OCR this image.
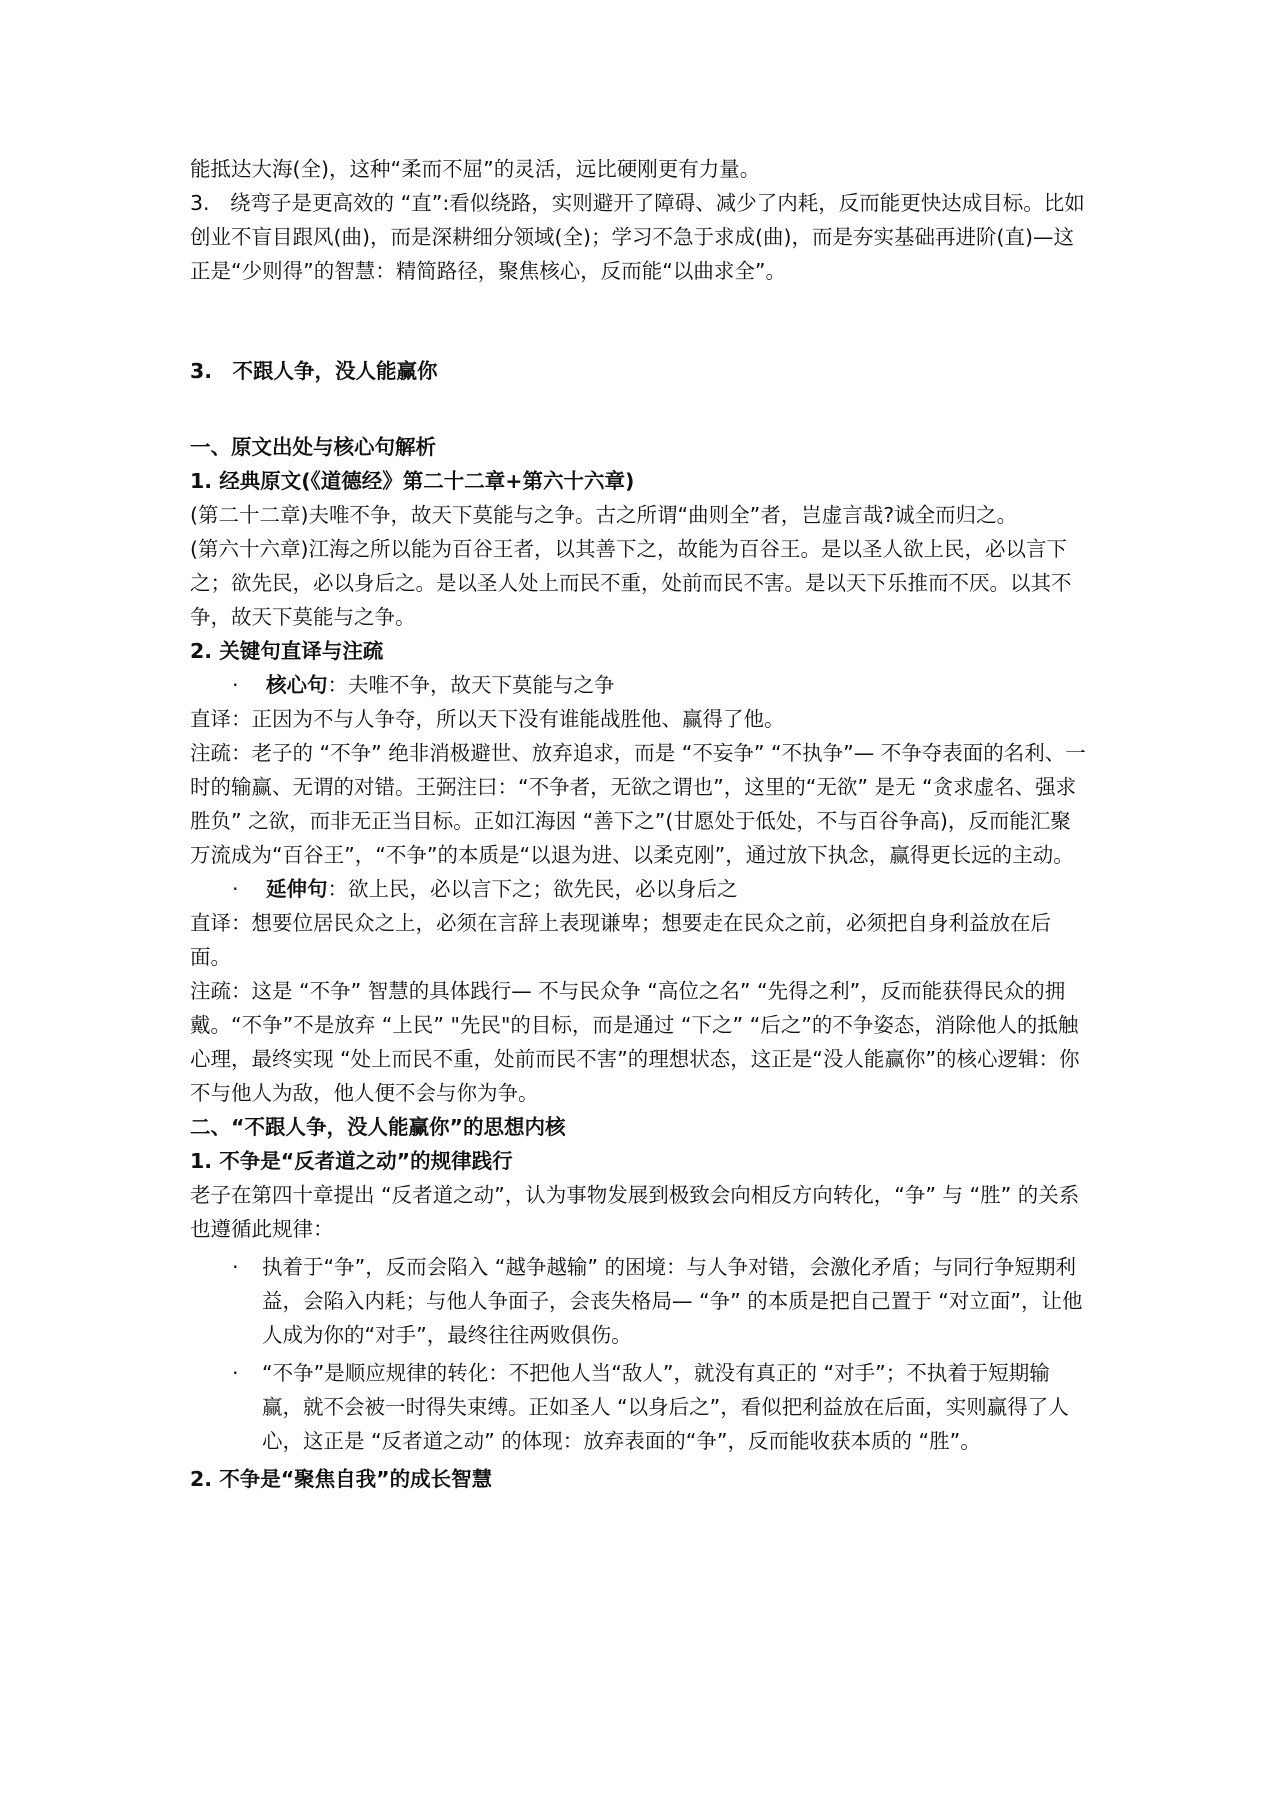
能抵达大海(全)，这种“柔而不屈”的灵活，远比硬刚更有力量。

3.　绕弯子是更高效的 “直”:看似绕路，实则避开了障碍、减少了内耗，反而能更快达成目标。比如创业不盲目跟风(曲)，而是深耕细分领域(全)；学习不急于求成(曲)，而是夯实基础再进阶(直)—这正是“少则得”的智慧：精简路径，聚焦核心，反而能“以曲求全”。

3.　不跟人争，没人能赢你

一、原文出处与核心句解析

1. 经典原文(《道德经》第二十二章+第六十六章)

(第二十二章)夫唯不争，故天下莫能与之争。古之所谓“曲则全”者，岂虚言哉?诚全而归之。

(第六十六章)江海之所以能为百谷王者，以其善下之，故能为百谷王。是以圣人欲上民，必以言下之；欲先民，必以身后之。是以圣人处上而民不重，处前而民不害。是以天下乐推而不厌。以其不争，故天下莫能与之争。

2. 关键句直译与注疏

· 核心句：夫唯不争，故天下莫能与之争

直译：正因为不与人争夺，所以天下没有谁能战胜他、赢得了他。

注疏：老子的 “不争” 绝非消极避世、放弃追求，而是 “不妄争” “不执争”— 不争夺表面的名利、一时的输赢、无谓的对错。王弼注曰：“不争者，无欲之谓也”，这里的“无欲” 是无 “贪求虚名、强求胜负” 之欲，而非无正当目标。正如江海因 “善下之”(甘愿处于低处，不与百谷争高)，反而能汇聚万流成为“百谷王”，“不争”的本质是“以退为进、以柔克刚”，通过放下执念，赢得更长远的主动。

· 延伸句：欲上民，必以言下之；欲先民，必以身后之

直译：想要位居民众之上，必须在言辞上表现谦卑；想要走在民众之前，必须把自身利益放在后面。

注疏：这是 “不争” 智慧的具体践行— 不与民众争 “高位之名” “先得之利”，反而能获得民众的拥戴。“不争”不是放弃 “上民” "先民"的目标，而是通过 “下之” “后之”的不争姿态，消除他人的抵触心理，最终实现 “处上而民不重，处前而民不害”的理想状态，这正是“没人能赢你”的核心逻辑：你不与他人为敌，他人便不会与你为争。

二、“不跟人争，没人能赢你”的思想内核

1. 不争是“反者道之动”的规律践行

老子在第四十章提出 “反者道之动”，认为事物发展到极致会向相反方向转化，“争” 与 “胜” 的关系也遵循此规律：

· 执着于“争”，反而会陷入 “越争越输” 的困境：与人争对错，会激化矛盾；与同行争短期利益，会陷入内耗；与他人争面子，会丧失格局— “争” 的本质是把自己置于 “对立面”，让他人成为你的“对手”，最终往往两败俱伤。
· “不争”是顺应规律的转化：不把他人当“敌人”，就没有真正的 “对手”；不执着于短期输赢，就不会被一时得失束缚。正如圣人 “以身后之”，看似把利益放在后面，实则赢得了人心，这正是 “反者道之动” 的体现：放弃表面的“争”，反而能收获本质的 “胜”。

2. 不争是“聚焦自我”的成长智慧
